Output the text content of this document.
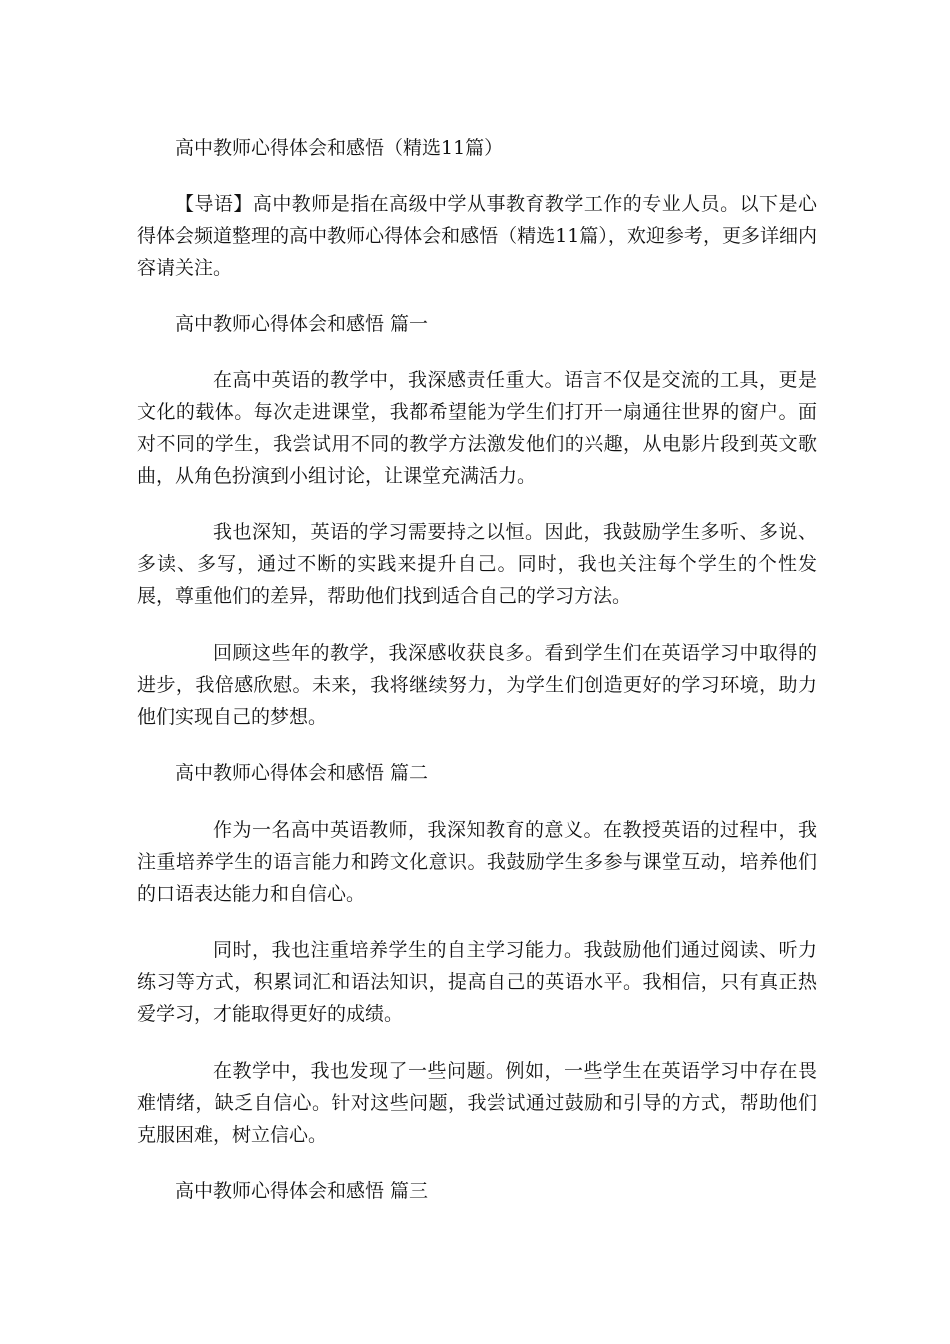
高中教师心得体会和感悟（精选11篇）

【导语】高中教师是指在高级中学从事教育教学工作的专业人员。以下是心得体会频道整理的高中教师心得体会和感悟（精选11篇），欢迎参考，更多详细内容请关注。

高中教师心得体会和感悟 篇一

在高中英语的教学中，我深感责任重大。语言不仅是交流的工具，更是文化的载体。每次走进课堂，我都希望能为学生们打开一扇通往世界的窗户。面对不同的学生，我尝试用不同的教学方法激发他们的兴趣，从电影片段到英文歌曲，从角色扮演到小组讨论，让课堂充满活力。

我也深知，英语的学习需要持之以恒。因此，我鼓励学生多听、多说、多读、多写，通过不断的实践来提升自己。同时，我也关注每个学生的个性发展，尊重他们的差异，帮助他们找到适合自己的学习方法。

回顾这些年的教学，我深感收获良多。看到学生们在英语学习中取得的进步，我倍感欣慰。未来，我将继续努力，为学生们创造更好的学习环境，助力他们实现自己的梦想。

高中教师心得体会和感悟 篇二

作为一名高中英语教师，我深知教育的意义。在教授英语的过程中，我注重培养学生的语言能力和跨文化意识。我鼓励学生多参与课堂互动，培养他们的口语表达能力和自信心。

同时，我也注重培养学生的自主学习能力。我鼓励他们通过阅读、听力练习等方式，积累词汇和语法知识，提高自己的英语水平。我相信，只有真正热爱学习，才能取得更好的成绩。

在教学中，我也发现了一些问题。例如，一些学生在英语学习中存在畏难情绪，缺乏自信心。针对这些问题，我尝试通过鼓励和引导的方式，帮助他们克服困难，树立信心。

高中教师心得体会和感悟 篇三
